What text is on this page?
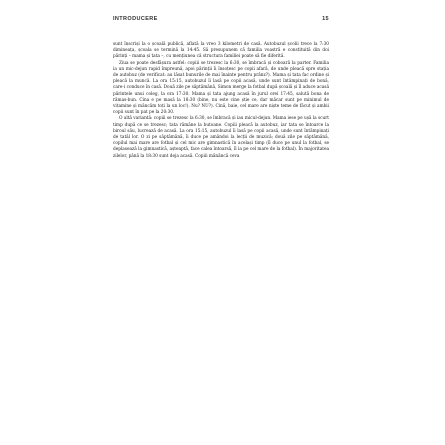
INTRODUCERE	15

sunt înscriși la o școală publică, aflată la vreo 3 kilometri de casă. Autobuzul școlii trece la 7:30 dimineața, școala se termină la 14:45. Să presupunem că familia voastră e constituită din doi părinți – mama și tata –, cu mențiunea că structura familiei poate să fie diferită.

Ziua se poate desfășura astfel: copiii se trezesc la 6:30, se îmbracă și coboară la parter. Familia ia un mic-dejun rapid împreună, apoi părinții îi însoțesc pe copii afară, de unde pleacă spre stația de autobuz (de verificat: au lăsat bunurile de mai înainte pentru prânz?). Mama și tata fac ordine și pleacă la muncă. La ora 15:15, autobuzul îi lasă pe copii acasă, unde sunt întâmpinați de bonă, care-i conduce în casă. Două zile pe săptămână, Simon merge la fotbal după școală și îl aduce acasă părintele unui coleg, la ora 17:30. Mama și tata ajung acasă în jurul orei 17:45, salută bona de rămas-bun. Cina e pe masă la 18:30 (bine, nu este cine știe ce, dar măcar sunt pe minimul de vitamine și mâncăm toți la un loc!). Nu? NU?). Cină, baie, cel mare are niște teme de făcut și ambii copii sunt în pat pe la 20:30.

O altă variantă: copiii se trezesc la 6:30, se îmbracă și iau micul-dejun. Mama iese pe ușă la scurt timp după ce se trezesc; tata rămâne la butoane. Copiii pleacă la autobuz, iar tata se întoarce la biroul său, lucrează de acasă. La ora 15:15, autobuzul îi lasă pe copii acasă, unde sunt întâmpinați de tatăl lor. O zi pe săptămână, îi duce pe amândoi la lecții de muzică; două zile pe săptămână, copilul mai mare are fotbal și cel mic are gimnastică în același timp (îl duce pe unul la fotbal, se deplasează la gimnastică, așteaptă, face calea întoarsă, îl ia pe cel mare de la fotbal). În majoritatea zilelor, până la 18:30 sunt deja acasă. Copiii mănâncă ceva
